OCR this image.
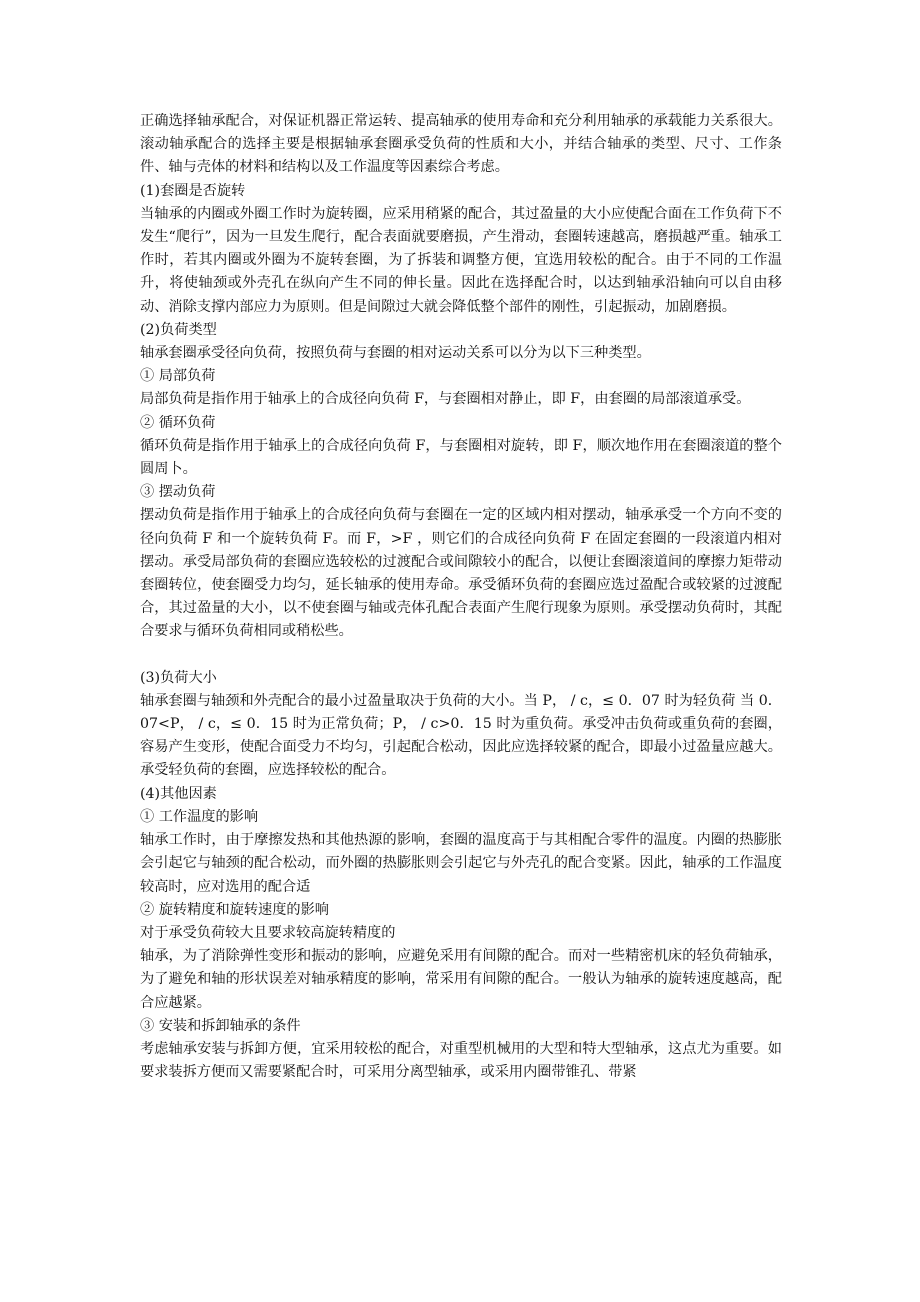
正确选择轴承配合，对保证机器正常运转、提高轴承的使用寿命和充分利用轴承的承载能力关系很大。滚动轴承配合的选择主要是根据轴承套圈承受负荷的性质和大小，并结合轴承的类型、尺寸、工作条件、轴与壳体的材料和结构以及工作温度等因素综合考虑。
(1)套圈是否旋转
当轴承的内圈或外圈工作时为旋转圈，应采用稍紧的配合，其过盈量的大小应使配合面在工作负荷下不发生“爬行”，因为一旦发生爬行，配合表面就要磨损，产生滑动，套圈转速越高，磨损越严重。轴承工作时，若其内圈或外圈为不旋转套圈，为了拆装和调整方便，宜选用较松的配合。由于不同的工作温升，将使轴颈或外壳孔在纵向产生不同的伸长量。因此在选择配合时，以达到轴承沿轴向可以自由移动、消除支撑内部应力为原则。但是间隙过大就会降低整个部件的刚性，引起振动，加剧磨损。
(2)负荷类型
轴承套圈承受径向负荷，按照负荷与套圈的相对运动关系可以分为以下三种类型。
① 局部负荷
局部负荷是指作用于轴承上的合成径向负荷 F，与套圈相对静止，即 F，由套圈的局部滚道承受。
② 循环负荷
循环负荷是指作用于轴承上的合成径向负荷 F，与套圈相对旋转，即 F，顺次地作用在套圈滚道的整个圆周卜。
③ 摆动负荷
摆动负荷是指作用于轴承上的合成径向负荷与套圈在一定的区域内相对摆动，轴承承受一个方向不变的径向负荷 F 和一个旋转负荷 F。而 F，>F ，则它们的合成径向负荷 F 在固定套圈的一段滚道内相对摆动。承受局部负荷的套圈应选较松的过渡配合或间隙较小的配合，以便让套圈滚道间的摩擦力矩带动套圈转位，使套圈受力均匀，延长轴承的使用寿命。承受循环负荷的套圈应选过盈配合或较紧的过渡配合，其过盈量的大小，以不使套圈与轴或壳体孔配合表面产生爬行现象为原则。承受摆动负荷时，其配合要求与循环负荷相同或稍松些。
(3)负荷大小
轴承套圈与轴颈和外壳配合的最小过盈量取决于负荷的大小。当 P， / c，≤ 0．07 时为轻负荷 当 0．07<P， / c，≤ 0．15 时为正常负荷；P， / c>0．15 时为重负荷。承受冲击负荷或重负荷的套圈，容易产生变形，使配合面受力不均匀，引起配合松动，因此应选择较紧的配合，即最小过盈量应越大。承受轻负荷的套圈，应选择较松的配合。
(4)其他因素
① 工作温度的影响
轴承工作时，由于摩擦发热和其他热源的影响，套圈的温度高于与其相配合零件的温度。内圈的热膨胀会引起它与轴颈的配合松动，而外圈的热膨胀则会引起它与外壳孔的配合变紧。因此，轴承的工作温度较高时，应对选用的配合适
② 旋转精度和旋转速度的影响
对于承受负荷较大且要求较高旋转精度的
轴承，为了消除弹性变形和振动的影响，应避免采用有间隙的配合。而对一些精密机床的轻负荷轴承，为了避免和轴的形状误差对轴承精度的影响，常采用有间隙的配合。一般认为轴承的旋转速度越高，配合应越紧。
③ 安装和拆卸轴承的条件
考虑轴承安装与拆卸方便，宜采用较松的配合，对重型机械用的大型和特大型轴承，这点尤为重要。如要求装拆方便而又需要紧配合时，可采用分离型轴承，或采用内圈带锥孔、带紧
